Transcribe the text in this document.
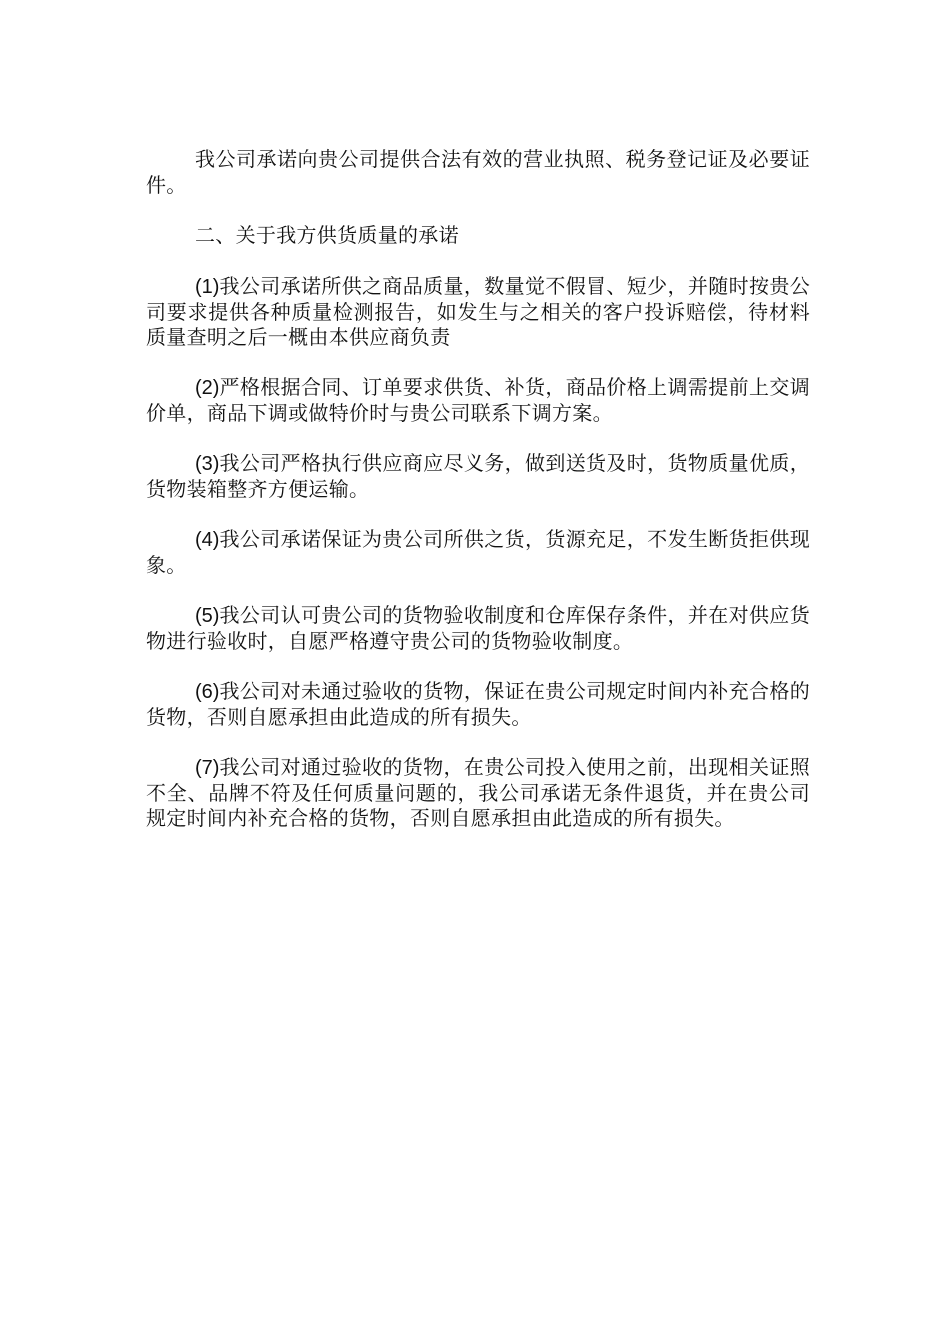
我公司承诺向贵公司提供合法有效的营业执照、税务登记证及必要证件。

二、关于我方供货质量的承诺

(1)我公司承诺所供之商品质量，数量觉不假冒、短少，并随时按贵公司要求提供各种质量检测报告，如发生与之相关的客户投诉赔偿，待材料质量查明之后一概由本供应商负责

(2)严格根据合同、订单要求供货、补货，商品价格上调需提前上交调价单，商品下调或做特价时与贵公司联系下调方案。

(3)我公司严格执行供应商应尽义务，做到送货及时，货物质量优质，货物装箱整齐方便运输。

(4)我公司承诺保证为贵公司所供之货，货源充足，不发生断货拒供现象。

(5)我公司认可贵公司的货物验收制度和仓库保存条件，并在对供应货物进行验收时，自愿严格遵守贵公司的货物验收制度。

(6)我公司对未通过验收的货物，保证在贵公司规定时间内补充合格的货物，否则自愿承担由此造成的所有损失。

(7)我公司对通过验收的货物，在贵公司投入使用之前，出现相关证照不全、品牌不符及任何质量问题的，我公司承诺无条件退货，并在贵公司规定时间内补充合格的货物，否则自愿承担由此造成的所有损失。
